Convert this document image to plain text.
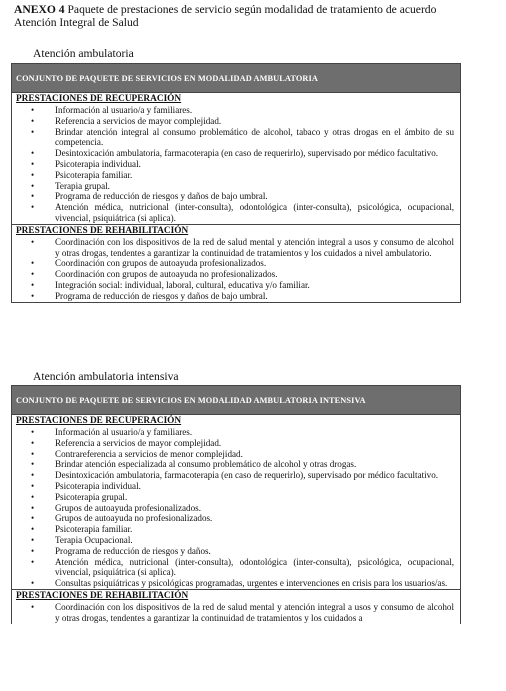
ANEXO 4 Paquete de prestaciones de servicio según modalidad de tratamiento de acuerdo
Atención Integral de Salud
Atención ambulatoria
CONJUNTO DE PAQUETE DE SERVICIOS EN MODALIDAD AMBULATORIA
PRESTACIONES DE RECUPERACIÓN
• Información al usuario/a y familiares.
• Referencia a servicios de mayor complejidad.
• Brindar atención integral al consumo problemático de alcohol, tabaco y otras drogas en el ámbito de su competencia.
• Desintoxicación ambulatoria, farmacoterapia (en caso de requerirlo), supervisado por médico facultativo.
• Psicoterapia individual.
• Psicoterapia familiar.
• Terapia grupal.
• Programa de reducción de riesgos y daños de bajo umbral.
• Atención médica, nutricional (inter-consulta), odontológica (inter-consulta), psicológica, ocupacional, vivencial, psiquiátrica (si aplica).
PRESTACIONES DE REHABILITACIÓN
• Coordinación con los dispositivos de la red de salud mental y atención integral a usos y consumo de alcohol y otras drogas, tendentes a garantizar la continuidad de tratamientos y los cuidados a nivel ambulatorio.
• Coordinación con grupos de autoayuda profesionalizados.
• Coordinación con grupos de autoayuda no profesionalizados.
• Integración social: individual, laboral, cultural, educativa y/o familiar.
• Programa de reducción de riesgos y daños de bajo umbral.
Atención ambulatoria intensiva
CONJUNTO DE PAQUETE DE SERVICIOS EN MODALIDAD AMBULATORIA INTENSIVA
PRESTACIONES DE RECUPERACIÓN
• Información al usuario/a y familiares.
• Referencia a servicios de mayor complejidad.
• Contrareferencia a servicios de menor complejidad.
• Brindar atención especializada al consumo problemático de alcohol y otras drogas.
• Desintoxicación ambulatoria, farmacoterapia (en caso de requerirlo), supervisado por médico facultativo.
• Psicoterapia individual.
• Psicoterapia grupal.
• Grupos de autoayuda profesionalizados.
• Grupos de autoayuda no profesionalizados.
• Psicoterapia familiar.
• Terapia Ocupacional.
• Programa de reducción de riesgos y daños.
• Atención médica, nutricional (inter-consulta), odontológica (inter-consulta), psicológica, ocupacional, vivencial, psiquiátrica (si aplica).
• Consultas psiquiátricas y psicológicas programadas, urgentes e intervenciones en crisis para los usuarios/as.
PRESTACIONES DE REHABILITACIÓN
• Coordinación con los dispositivos de la red de salud mental y atención integral a usos y consumo de alcohol y otras drogas, tendentes a garantizar la continuidad de tratamientos y los cuidados a
